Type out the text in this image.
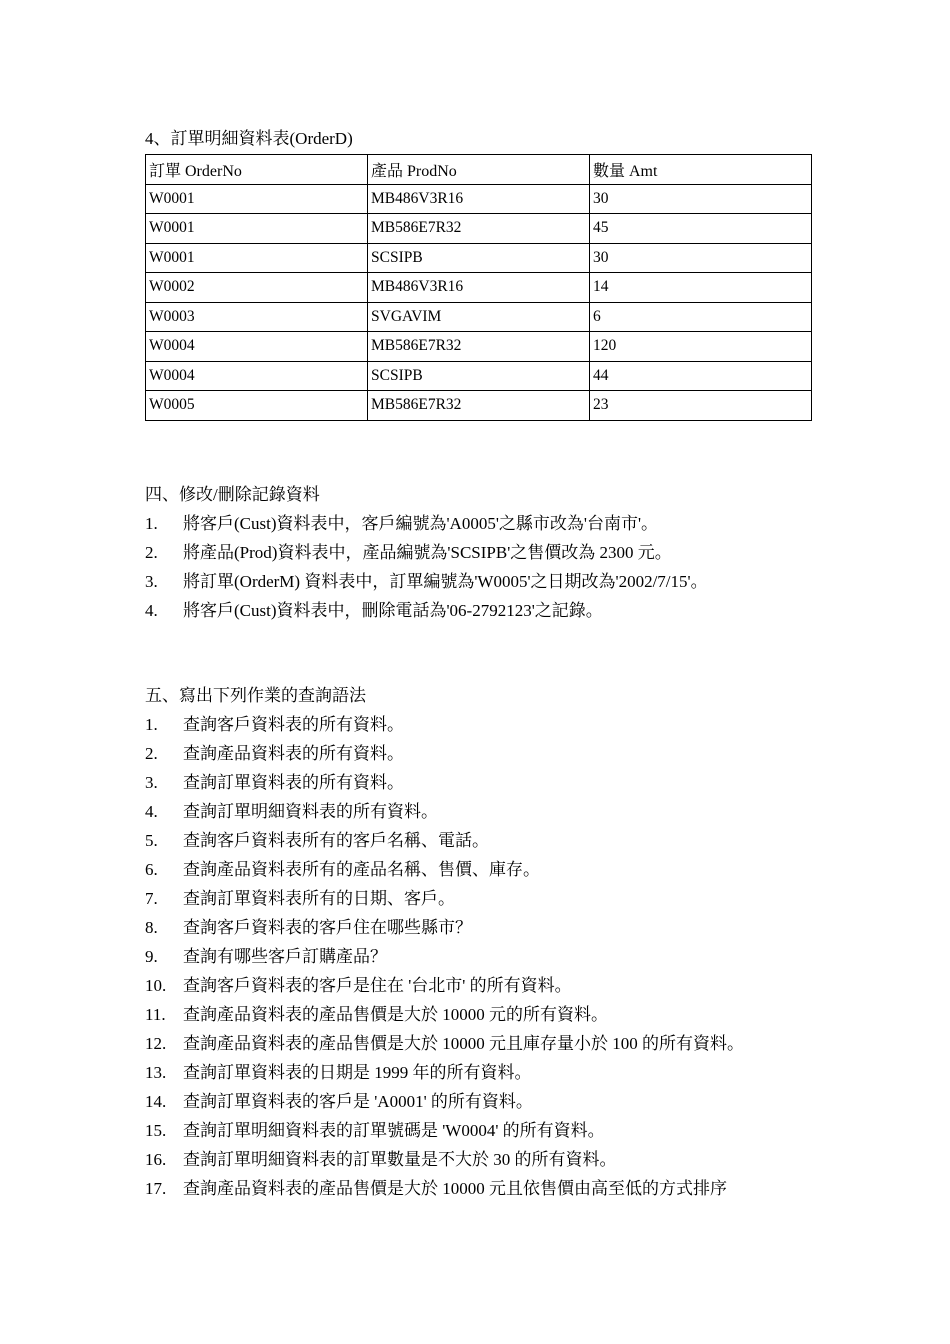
4、訂單明細資料表(OrderD)

訂單 OrderNo	產品 ProdNo	數量 Amt
W0001	MB486V3R16	30
W0001	MB586E7R32	45
W0001	SCSIPB	30
W0002	MB486V3R16	14
W0003	SVGAVIM	6
W0004	MB586E7R32	120
W0004	SCSIPB	44
W0005	MB586E7R32	23

四、修改/刪除記錄資料

1. 將客戶(Cust)資料表中，客戶編號為'A0005'之縣市改為'台南市'。
2. 將產品(Prod)資料表中，產品編號為'SCSIPB'之售價改為 2300 元。
3. 將訂單(OrderM) 資料表中，訂單編號為'W0005'之日期改為'2002/7/15'。
4. 將客戶(Cust)資料表中，刪除電話為'06-2792123'之記錄。

五、寫出下列作業的查詢語法

1. 查詢客戶資料表的所有資料。
2. 查詢產品資料表的所有資料。
3. 查詢訂單資料表的所有資料。
4. 查詢訂單明細資料表的所有資料。
5. 查詢客戶資料表所有的客戶名稱、電話。
6. 查詢產品資料表所有的產品名稱、售價、庫存。
7. 查詢訂單資料表所有的日期、客戶。
8. 查詢客戶資料表的客戶住在哪些縣市？
9. 查詢有哪些客戶訂購產品？
10. 查詢客戶資料表的客戶是住在 '台北市' 的所有資料。
11. 查詢產品資料表的產品售價是大於 10000 元的所有資料。
12. 查詢產品資料表的產品售價是大於 10000 元且庫存量小於 100 的所有資料。
13. 查詢訂單資料表的日期是 1999 年的所有資料。
14. 查詢訂單資料表的客戶是 'A0001' 的所有資料。
15. 查詢訂單明細資料表的訂單號碼是 'W0004' 的所有資料。
16. 查詢訂單明細資料表的訂單數量是不大於 30 的所有資料。
17. 查詢產品資料表的產品售價是大於 10000 元且依售價由高至低的方式排序
